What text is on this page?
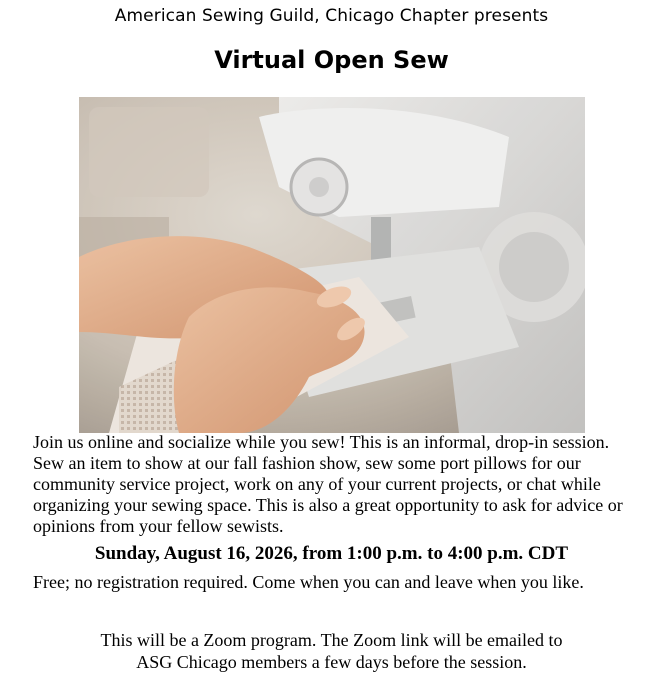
American Sewing Guild, Chicago Chapter presents
Virtual Open Sew
Join us online and socialize while you sew! This is an informal, drop-in session. Sew an item to show at our fall fashion show, sew some port pillows for our community service project, work on any of your current projects, or chat while organizing your sewing space. This is also a great opportunity to ask for advice or opinions from your fellow sewists.
Sunday, August 16, 2026, from 1:00 p.m. to 4:00 p.m. CDT
Free; no registration required. Come when you can and leave when you like.
This will be a Zoom program. The Zoom link will be emailed to
ASG Chicago members a few days before the session.
